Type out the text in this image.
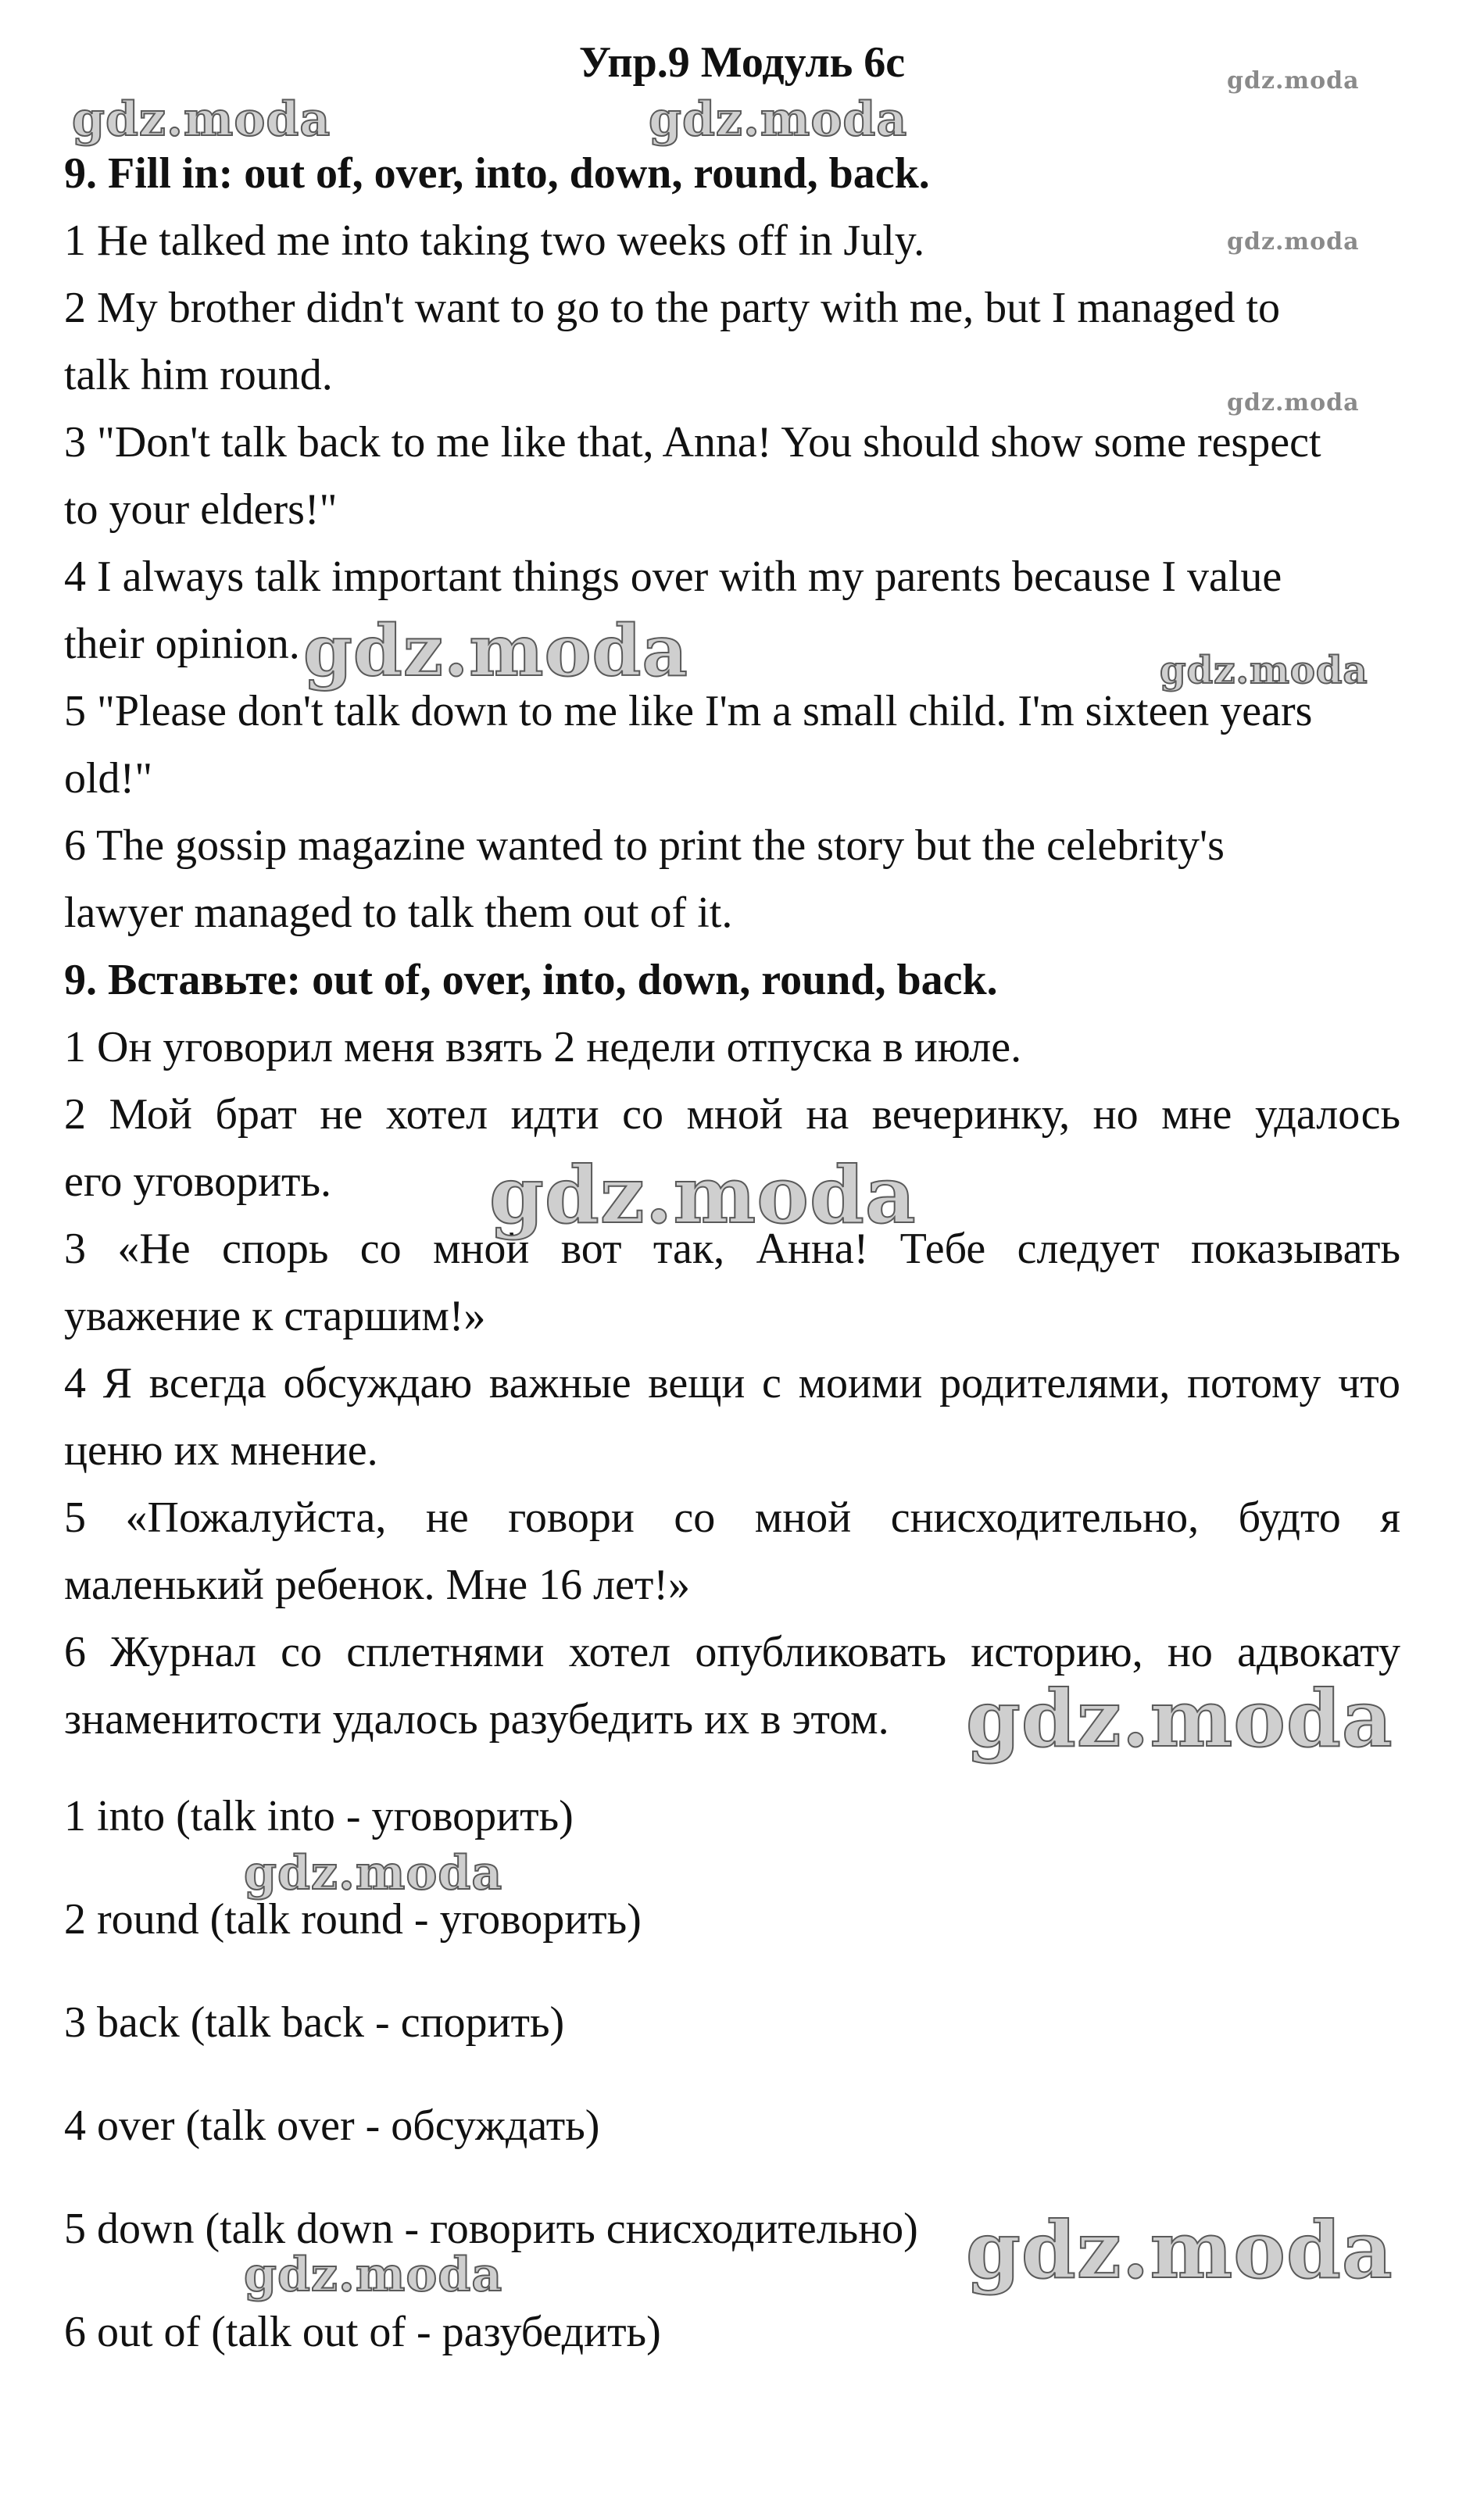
Упр.9 Модуль 6с
9. Fill in: out of, over, into, down, round, back.
1 He talked me into taking two weeks off in July.
2 My brother didn't want to go to the party with me, but I managed to
talk him round.
3 "Don't talk back to me like that, Anna! You should show some respect
to your elders!"
4 I always talk important things over with my parents because I value
their opinion.
5 "Please don't talk down to me like I'm a small child. I'm sixteen years
old!"
6 The gossip magazine wanted to print the story but the celebrity's
lawyer managed to talk them out of it.
9. Вставьте: out of, over, into, down, round, back.
1 Он уговорил меня взять 2 недели отпуска в июле.
2 Мой брат не хотел идти со мной на вечеринку, но мне удалось
его уговорить.
3 «Не спорь со мной вот так, Анна! Тебе следует показывать
уважение к старшим!»
4 Я всегда обсуждаю важные вещи с моими родителями, потому что
ценю их мнение.
5 «Пожалуйста, не говори со мной снисходительно, будто я
маленький ребенок. Мне 16 лет!»
6 Журнал со сплетнями хотел опубликовать историю, но адвокату
знаменитости удалось разубедить их в этом.
1 into (talk into - уговорить)
2 round (talk round - уговорить)
3 back (talk back - спорить)
4 over (talk over - обсуждать)
5 down (talk down - говорить снисходительно)
6 out of (talk out of - разубедить)
gdz.moda
gdz.moda	gdz.moda
gdz.moda
gdz.moda
gdz.moda	gdz.moda
gdz.moda
gdz.moda
gdz.moda
gdz.moda
gdz.moda
